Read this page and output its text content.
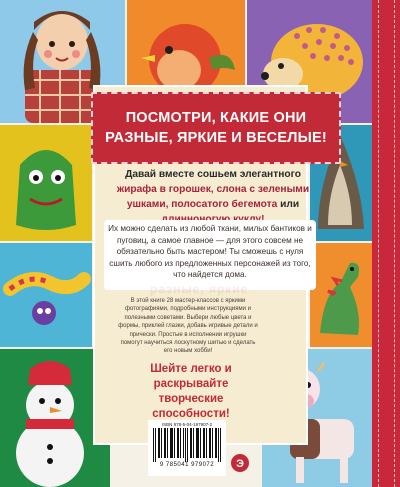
ПОСМОТРИ, КАКИЕ ОНИ РАЗНЫЕ, ЯРКИЕ И ВЕСЕЛЫЕ!
Давай вместе сошьем элегантного жирафа в горошек, слона с зелеными ушками, полосатого бегемота или
Их можно сделать из любой ткани, милых бантиков и пуговиц, а самое главное — для этого совсем не обязательно быть мастером! Ты сможешь с нуля сшить любого из предложенных персонажей из того, что найдется дома.
разные, яркие
В этой книге 28 мастер-классов с яркими фотографиями, подробными инструкциями и полезными советами. Выбери любые цвета и формы, приклей глазки, добавь игривые детали и прически. Простые в исполнении игрушки помогут научиться лоскутному шитью и сделать его новым хобби!
Шейте легко и раскрывайте творческие способности!
ISBN 978-5-04-197907-2
9 785041 979072	Э
